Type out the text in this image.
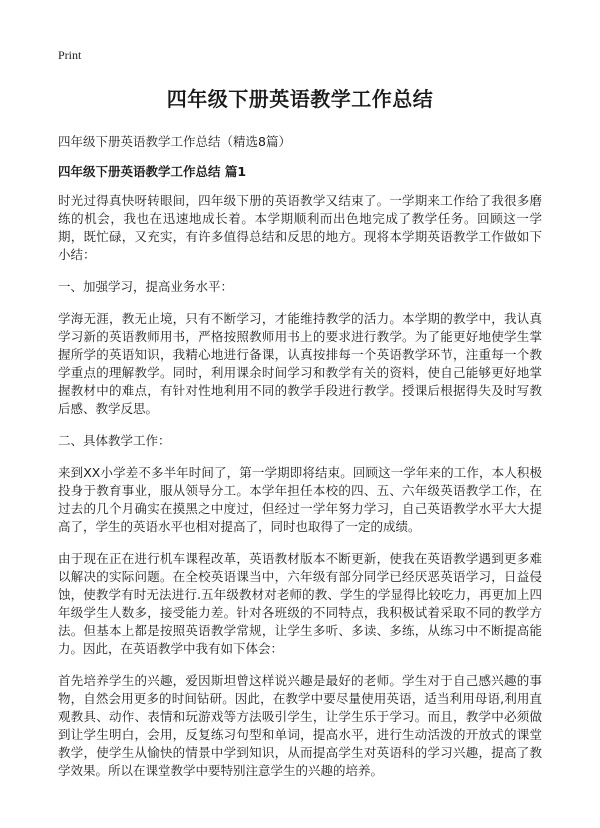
Print

四年级下册英语教学工作总结

四年级下册英语教学工作总结（精选8篇）

四年级下册英语教学工作总结 篇1

时光过得真快呀转眼间，四年级下册的英语教学又结束了。一学期来工作给了我很多磨练的机会，我也在迅速地成长着。本学期顺利而出色地完成了教学任务。回顾这一学期，既忙碌，又充实，有许多值得总结和反思的地方。现将本学期英语教学工作做如下小结：

一、加强学习，提高业务水平：

学海无涯，教无止境，只有不断学习，才能维持教学的活力。本学期的教学中，我认真学习新的英语教师用书，严格按照教师用书上的要求进行教学。为了能更好地使学生掌握所学的英语知识，我精心地进行备课，认真按排每一个英语教学环节，注重每一个教学重点的理解教学。同时，利用课余时间学习和教学有关的资料，使自己能够更好地掌握教材中的难点，有针对性地利用不同的教学手段进行教学。授课后根据得失及时写教后感、教学反思。

二、具体教学工作：

来到XX小学差不多半年时间了，第一学期即将结束。回顾这一学年来的工作，本人积极投身于教育事业，服从领导分工。本学年担任本校的四、五、六年级英语教学工作，在过去的几个月确实在摸黑之中度过，但经过一学年努力学习，自己英语教学水平大大提高了，学生的英语水平也相对提高了，同时也取得了一定的成绩。

由于现在正在进行机车课程改革，英语教材版本不断更新，使我在英语教学遇到更多难以解决的实际问题。在全校英语课当中，六年级有部分同学已经厌恶英语学习，日益侵蚀，使教学有时无法进行.五年级教材对老师的教、学生的学显得比较吃力，再更加上四年级学生人数多，接受能力差。针对各班级的不同特点，我积极试着采取不同的教学方法。但基本上都是按照英语教学常规，让学生多听、多读、多练，从练习中不断提高能力。因此，在英语教学中我有如下体会：

首先培养学生的兴趣，爱因斯坦曾这样说兴趣是最好的老师。学生对于自己感兴趣的事物，自然会用更多的时间钻研。因此，在教学中要尽量使用英语，适当利用母语,利用直观教具、动作、表情和玩游戏等方法吸引学生，让学生乐于学习。而且，教学中必须做到让学生明白，会用，反复练习句型和单词，提高水平，进行生动活泼的开放式的课堂教学，使学生从愉快的情景中学到知识，从而提高学生对英语科的学习兴趣，提高了教学效果。所以在课堂教学中要特别注意学生的兴趣的培养。
